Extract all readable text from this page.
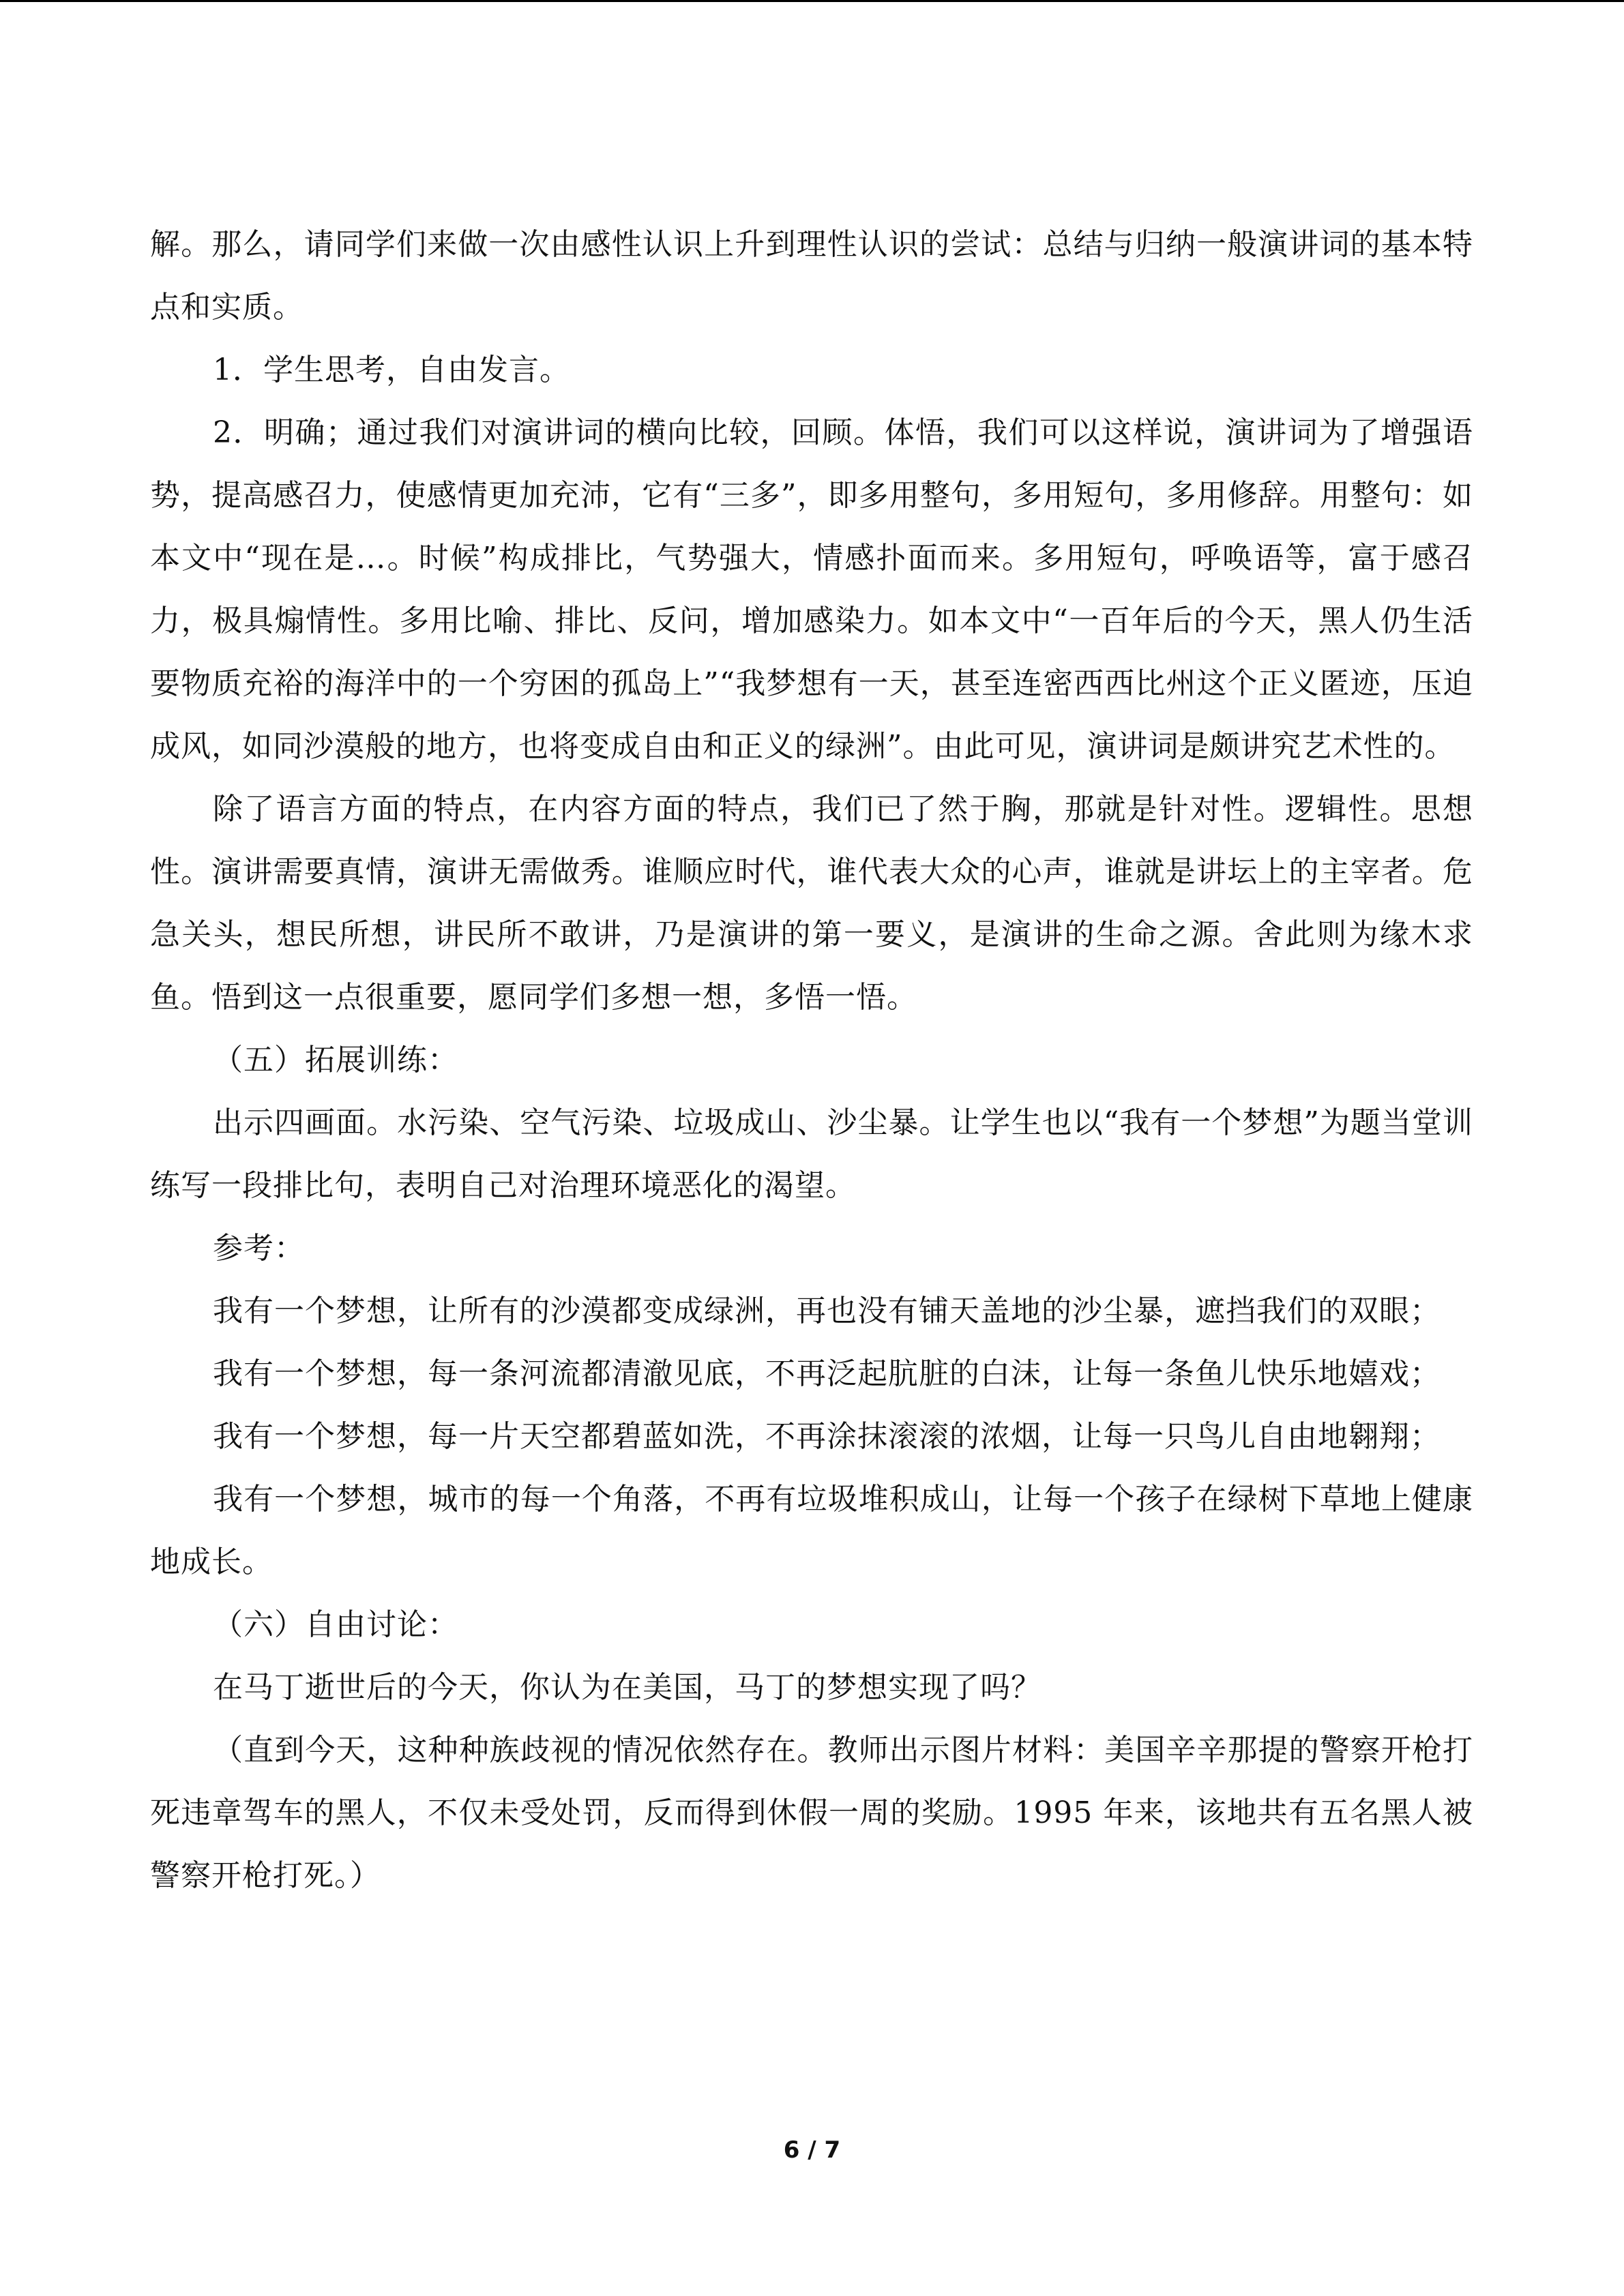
解。那么，请同学们来做一次由感性认识上升到理性认识的尝试：总结与归纳一般演讲词的基本特点和实质。

1．学生思考，自由发言。

2．明确；通过我们对演讲词的横向比较，回顾。体悟，我们可以这样说，演讲词为了增强语势，提高感召力，使感情更加充沛，它有“三多”，即多用整句，多用短句，多用修辞。用整句：如本文中“现在是…。时候”构成排比，气势强大，情感扑面而来。多用短句，呼唤语等，富于感召力，极具煽情性。多用比喻、排比、反问，增加感染力。如本文中“一百年后的今天，黑人仍生活要物质充裕的海洋中的一个穷困的孤岛上”“我梦想有一天，甚至连密西西比州这个正义匿迹，压迫成风，如同沙漠般的地方，也将变成自由和正义的绿洲”。由此可见，演讲词是颇讲究艺术性的。

除了语言方面的特点，在内容方面的特点，我们已了然于胸，那就是针对性。逻辑性。思想性。演讲需要真情，演讲无需做秀。谁顺应时代，谁代表大众的心声，谁就是讲坛上的主宰者。危急关头，想民所想，讲民所不敢讲，乃是演讲的第一要义，是演讲的生命之源。舍此则为缘木求鱼。悟到这一点很重要，愿同学们多想一想，多悟一悟。

（五）拓展训练：

出示四画面。水污染、空气污染、垃圾成山、沙尘暴。让学生也以“我有一个梦想”为题当堂训练写一段排比句，表明自己对治理环境恶化的渴望。

参考：

我有一个梦想，让所有的沙漠都变成绿洲，再也没有铺天盖地的沙尘暴，遮挡我们的双眼；

我有一个梦想，每一条河流都清澈见底，不再泛起肮脏的白沫，让每一条鱼儿快乐地嬉戏；

我有一个梦想，每一片天空都碧蓝如洗，不再涂抹滚滚的浓烟，让每一只鸟儿自由地翱翔；

我有一个梦想，城市的每一个角落，不再有垃圾堆积成山，让每一个孩子在绿树下草地上健康地成长。

（六）自由讨论：

在马丁逝世后的今天，你认为在美国，马丁的梦想实现了吗？

（直到今天，这种种族歧视的情况依然存在。教师出示图片材料：美国辛辛那提的警察开枪打死违章驾车的黑人，不仅未受处罚，反而得到休假一周的奖励。1995 年来，该地共有五名黑人被警察开枪打死。）

6 / 7
